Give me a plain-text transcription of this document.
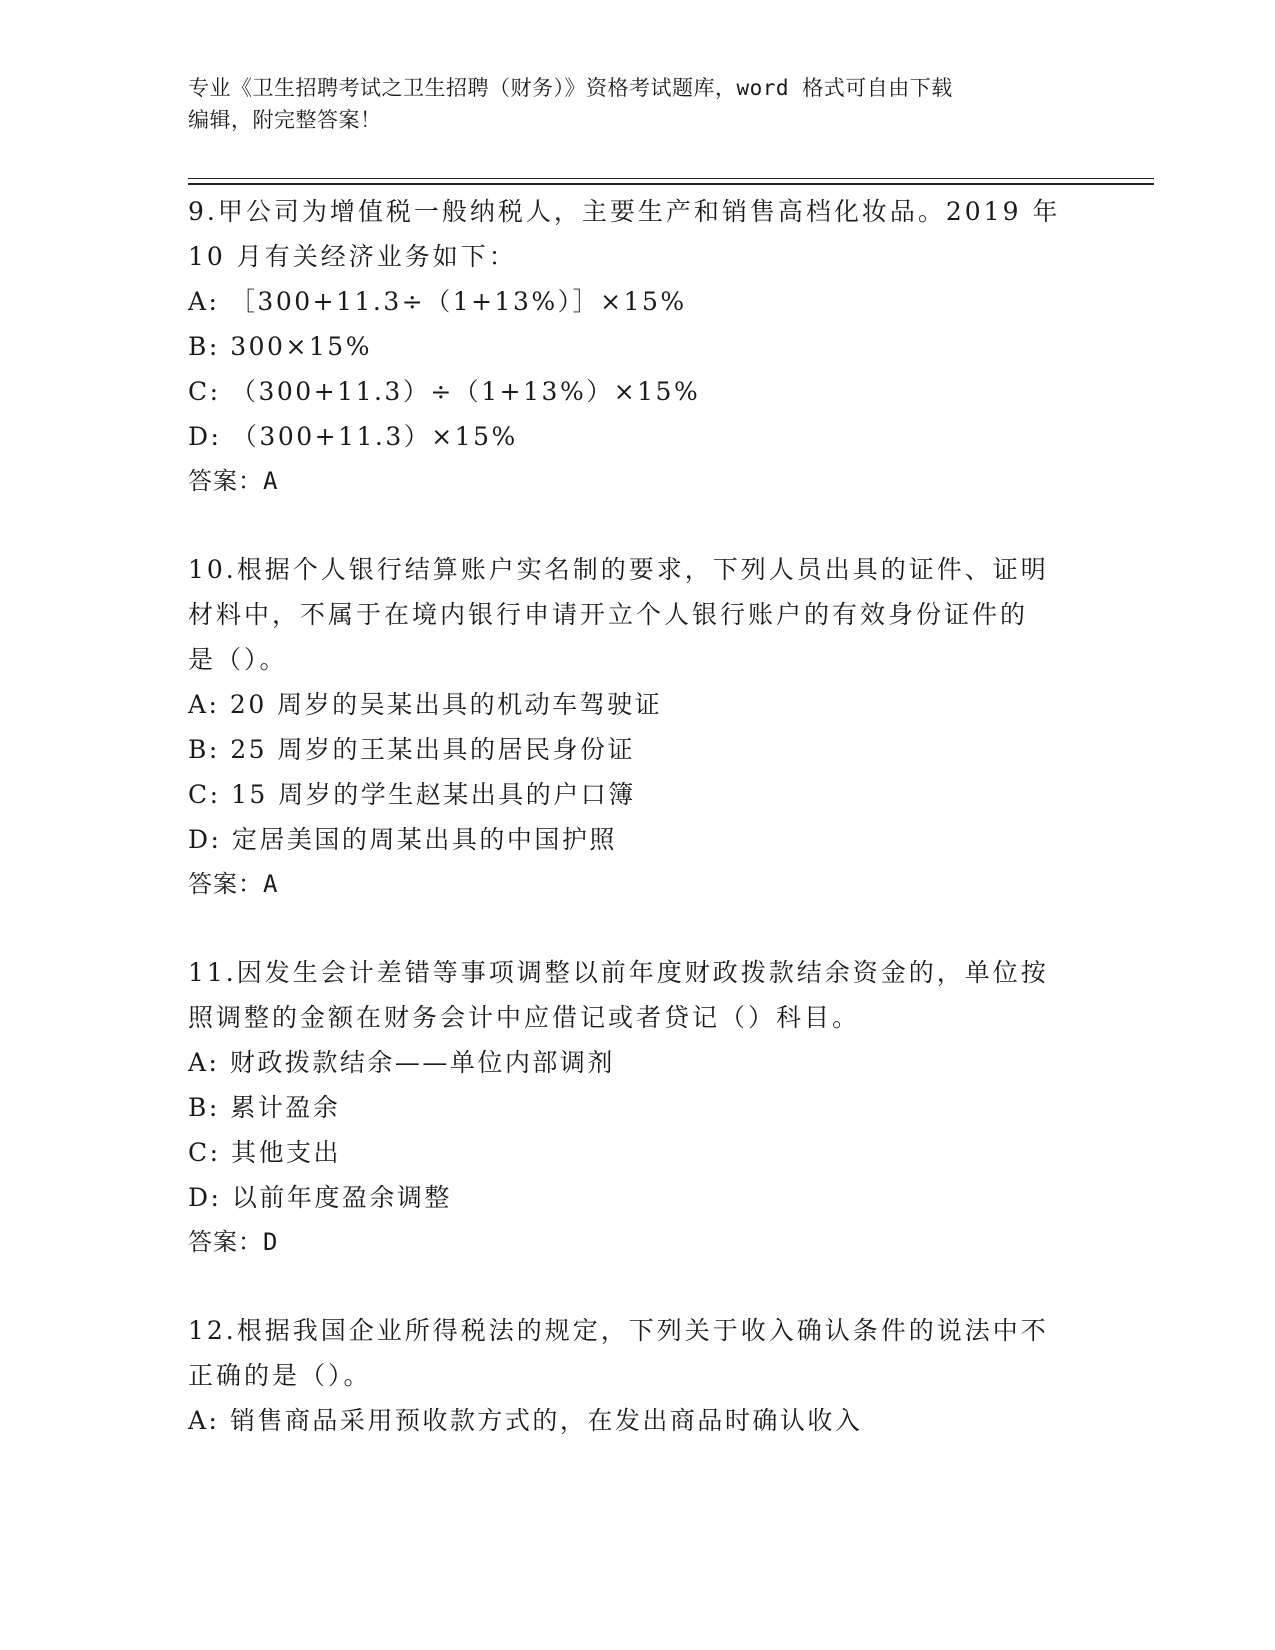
专业《卫生招聘考试之卫生招聘（财务）》资格考试题库，word 格式可自由下载
编辑，附完整答案！

9.甲公司为增值税一般纳税人，主要生产和销售高档化妆品。2019 年

10 月有关经济业务如下：

A: ［300+11.3÷（1+13%）］×15%

B: 300×15%

C: （300+11.3）÷（1+13%）×15%

D: （300+11.3）×15%

答案：A

10.根据个人银行结算账户实名制的要求，下列人员出具的证件、证明

材料中，不属于在境内银行申请开立个人银行账户的有效身份证件的

是（）。

A: 20 周岁的吴某出具的机动车驾驶证

B: 25 周岁的王某出具的居民身份证

C: 15 周岁的学生赵某出具的户口簿

D: 定居美国的周某出具的中国护照

答案：A

11.因发生会计差错等事项调整以前年度财政拨款结余资金的，单位按

照调整的金额在财务会计中应借记或者贷记（）科目。

A: 财政拨款结余——单位内部调剂

B: 累计盈余

C: 其他支出

D: 以前年度盈余调整

答案：D

12.根据我国企业所得税法的规定，下列关于收入确认条件的说法中不

正确的是（）。

A: 销售商品采用预收款方式的，在发出商品时确认收入
